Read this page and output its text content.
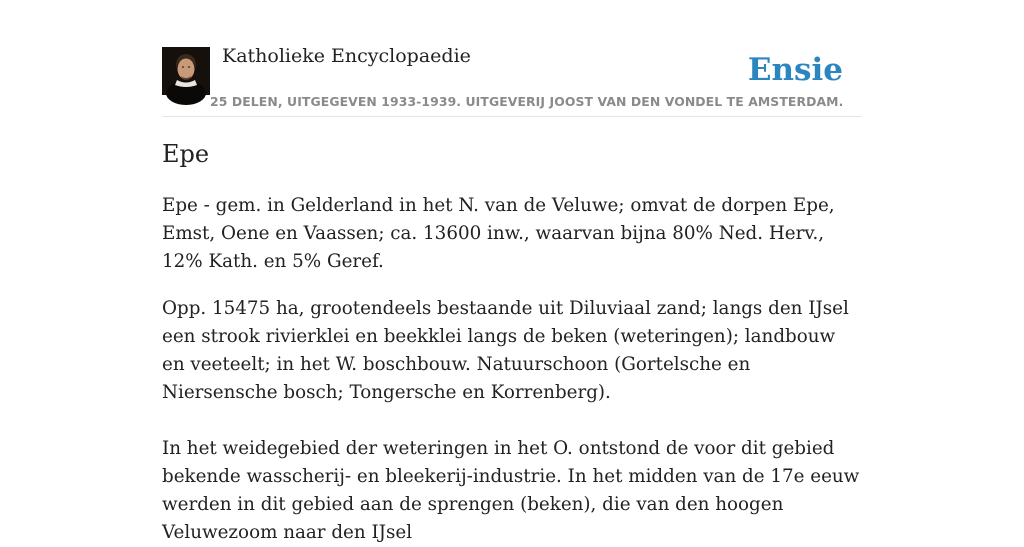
Katholieke Encyclopaedie	Ensie
25 DELEN, UITGEGEVEN 1933-1939. UITGEVERIJ JOOST VAN DEN VONDEL TE AMSTERDAM.
Epe

Epe - gem. in Gelderland in het N. van de Veluwe; omvat de dorpen Epe, Emst, Oene en Vaassen; ca. 13600 inw., waarvan bijna 80% Ned. Herv., 12% Kath. en 5% Geref.

Opp. 15475 ha, grootendeels bestaande uit Diluviaal zand; langs den IJsel een strook rivierklei en beekklei langs de beken (weteringen); landbouw en veeteelt; in het W. boschbouw. Natuurschoon (Gortelsche en Niersensche bosch; Tongersche en Korrenberg).

In het weidegebied der weteringen in het O. ontstond de voor dit gebied bekende wasscherij- en bleekerij-industrie. In het midden van de 17e eeuw werden in dit gebied aan de sprengen (beken), die van den hoogen Veluwezoom naar den IJsel
